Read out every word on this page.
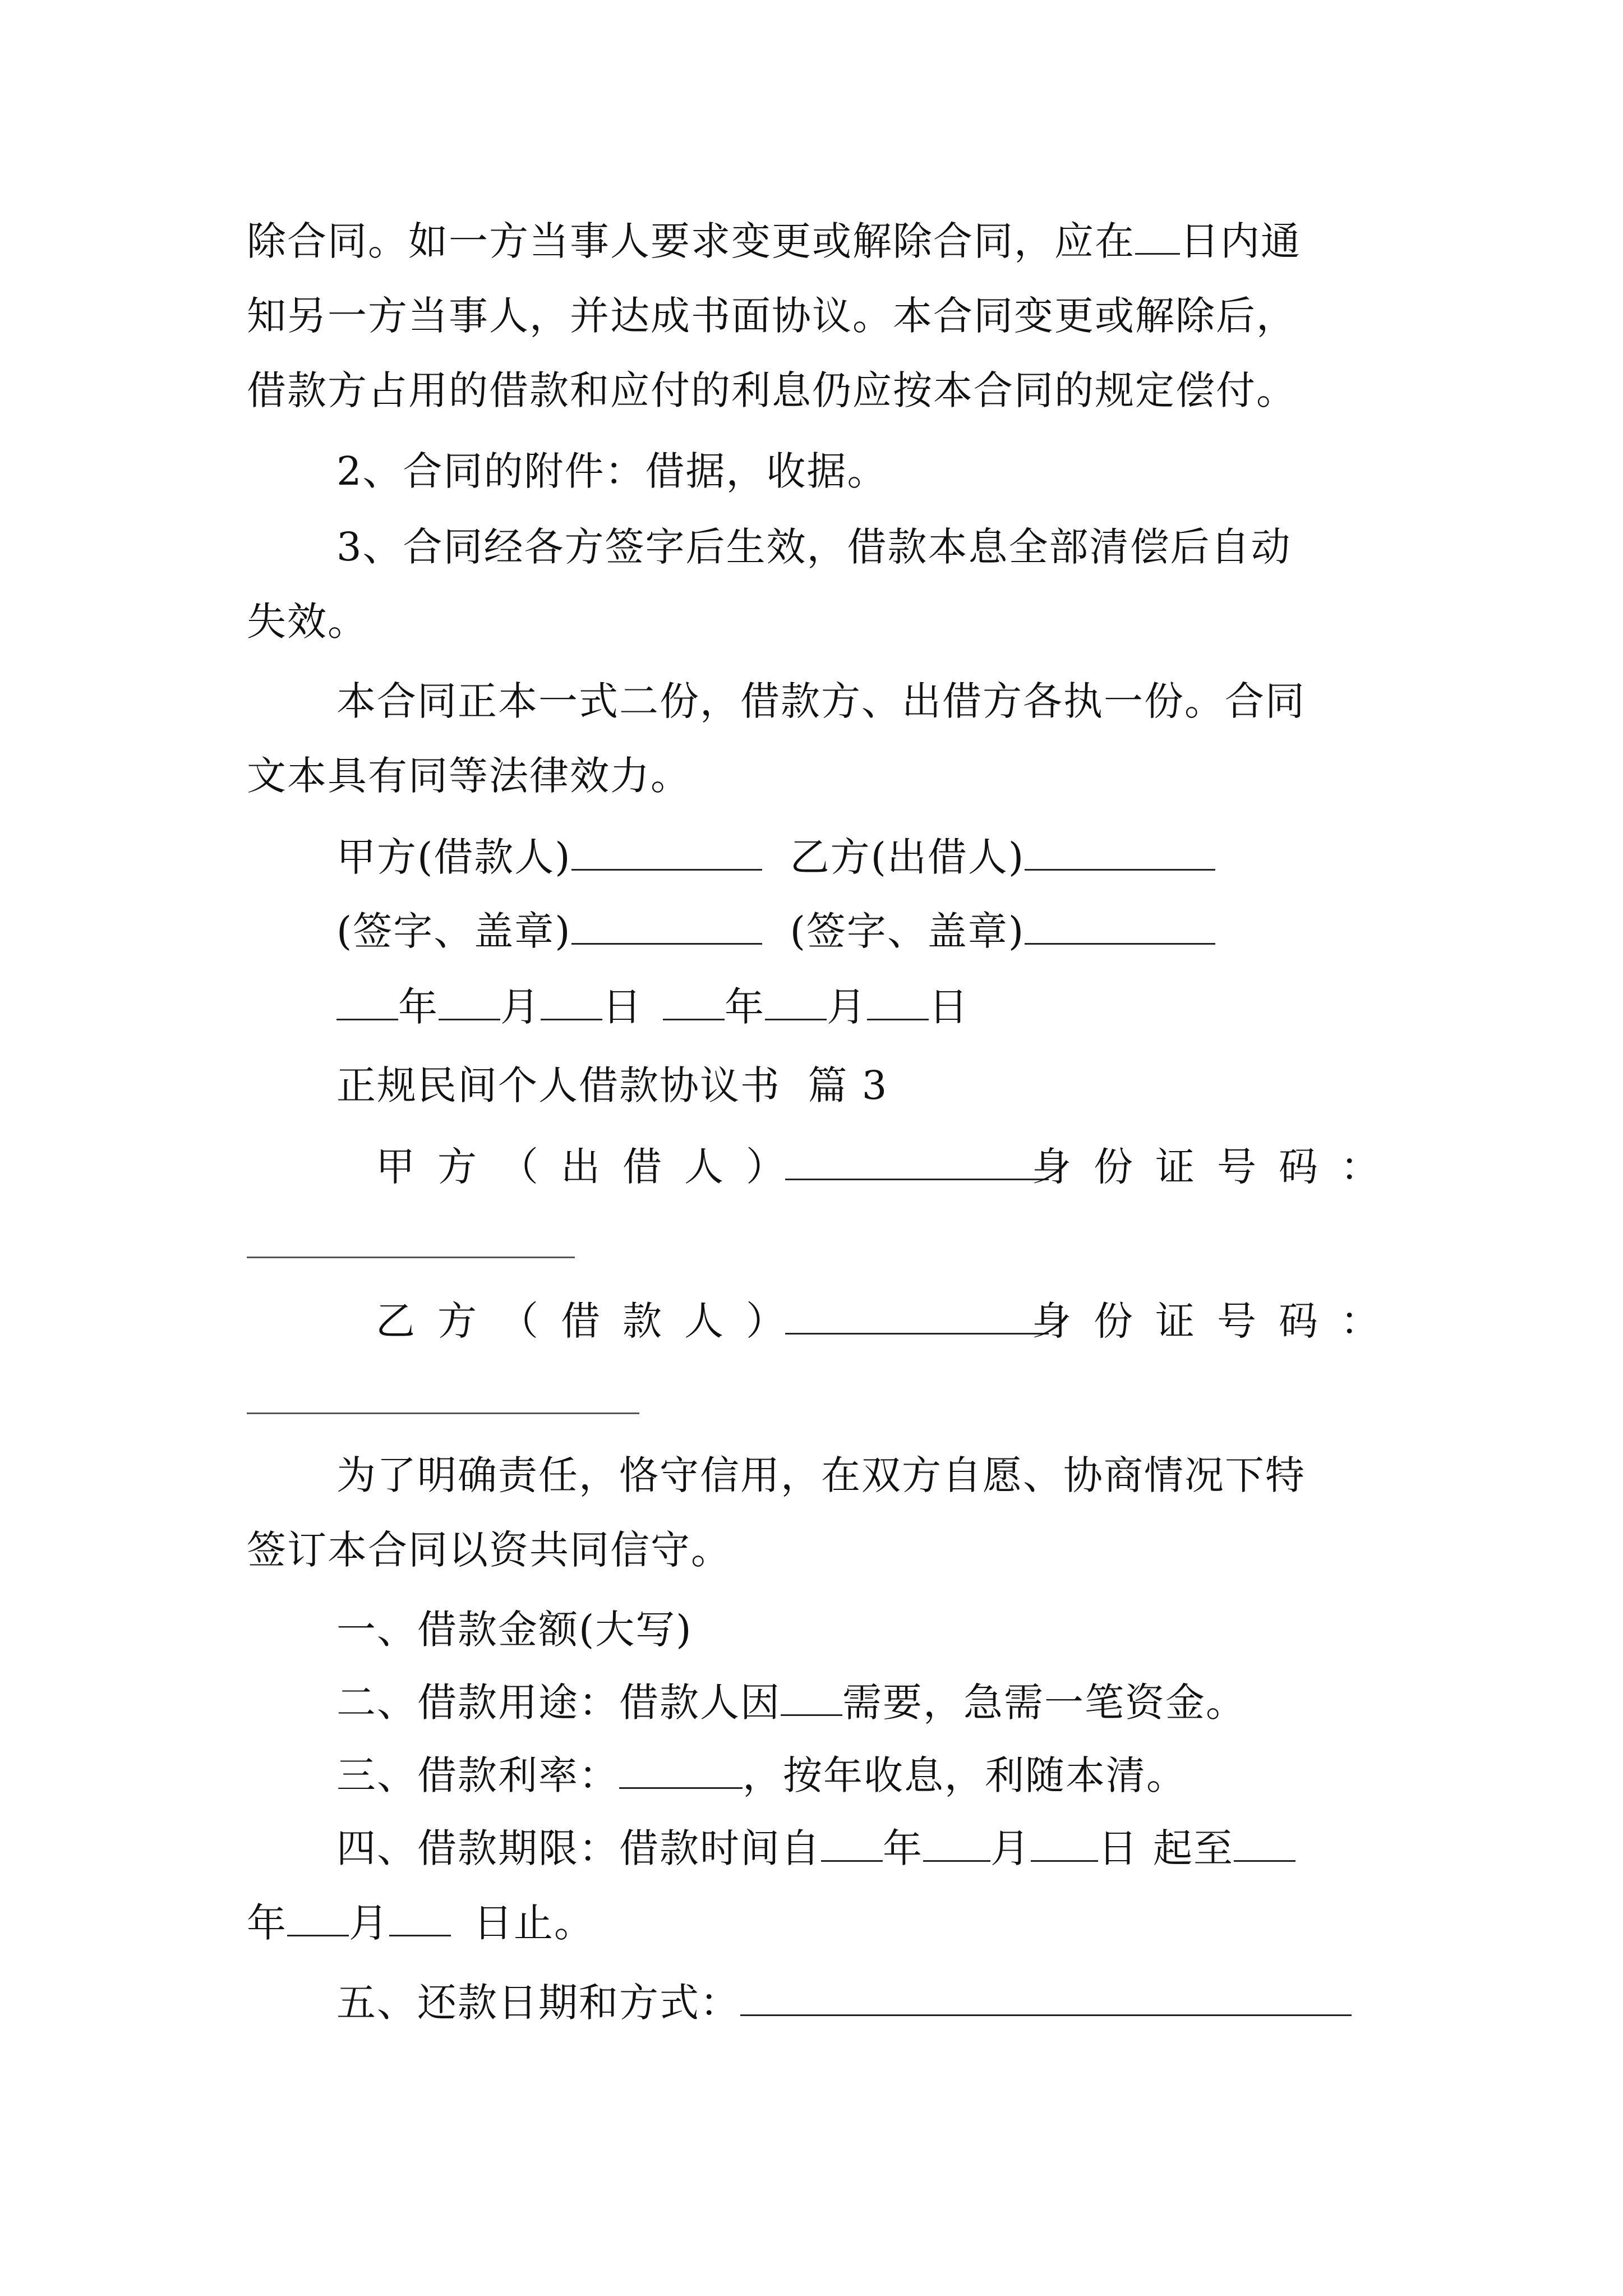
除合同。如一方当事人要求变更或解除合同，应在 日内通
知另一方当事人，并达成书面协议。本合同变更或解除后，
借款方占用的借款和应付的利息仍应按本合同的规定偿付。
2、合同的附件：借据，收据。
3、合同经各方签字后生效，借款本息全部清偿后自动
失效。
本合同正本一式二份，借款方、出借方各执一份。合同
文本具有同等法律效力。
甲方(借款人)	乙方(出借人)
(签字、盖章)	(签字、盖章)
年 月 日 年 月 日
正规民间个人借款协议书  篇 3
甲方（出借人）	身份证号码：
乙方（借款人）	身份证号码：
为了明确责任，恪守信用，在双方自愿、协商情况下特
签订本合同以资共同信守。
一、借款金额(大写)
二、借款用途：借款人因 需要，急需一笔资金。
三、借款利率：	，按年收息，利随本清。
四、借款期限：借款时间自 年 月 日 起至
年 月 日止。
五、还款日期和方式：
